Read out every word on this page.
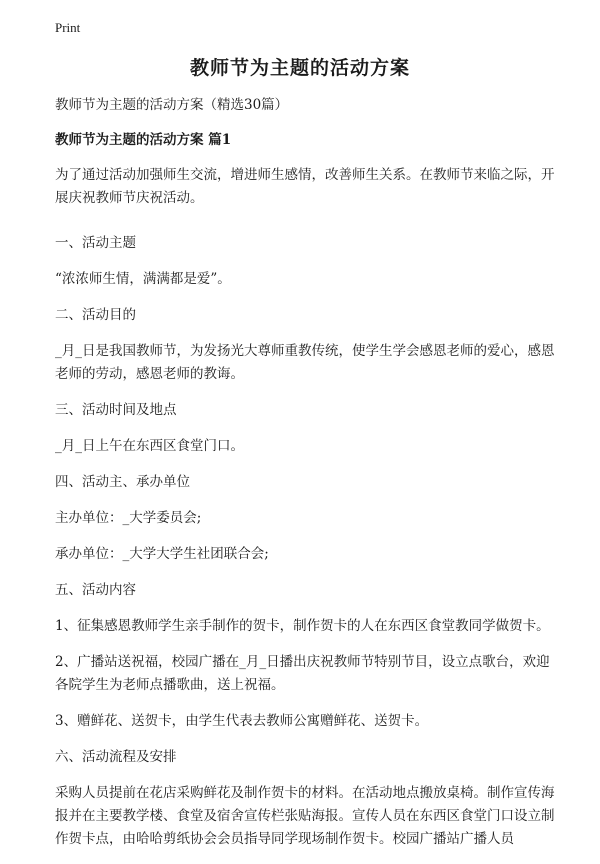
Print
教师节为主题的活动方案

教师节为主题的活动方案（精选30篇）

教师节为主题的活动方案 篇1

为了通过活动加强师生交流，增进师生感情，改善师生关系。在教师节来临之际，开展庆祝教师节庆祝活动。

一、活动主题

“浓浓师生情，满满都是爱”。

二、活动目的

_月_日是我国教师节，为发扬光大尊师重教传统，使学生学会感恩老师的爱心，感恩老师的劳动，感恩老师的教诲。

三、活动时间及地点

_月_日上午在东西区食堂门口。

四、活动主、承办单位

主办单位：_大学委员会;

承办单位：_大学大学生社团联合会;

五、活动内容

1、征集感恩教师学生亲手制作的贺卡，制作贺卡的人在东西区食堂教同学做贺卡。

2、广播站送祝福，校园广播在_月_日播出庆祝教师节特别节目，设立点歌台，欢迎各院学生为老师点播歌曲，送上祝福。

3、赠鲜花、送贺卡，由学生代表去教师公寓赠鲜花、送贺卡。

六、活动流程及安排

采购人员提前在花店采购鲜花及制作贺卡的材料。在活动地点搬放桌椅。制作宣传海报并在主要教学楼、食堂及宿舍宣传栏张贴海报。宣传人员在东西区食堂门口设立制作贺卡点，由哈哈剪纸协会会员指导同学现场制作贺卡。校园广播站广播人员
